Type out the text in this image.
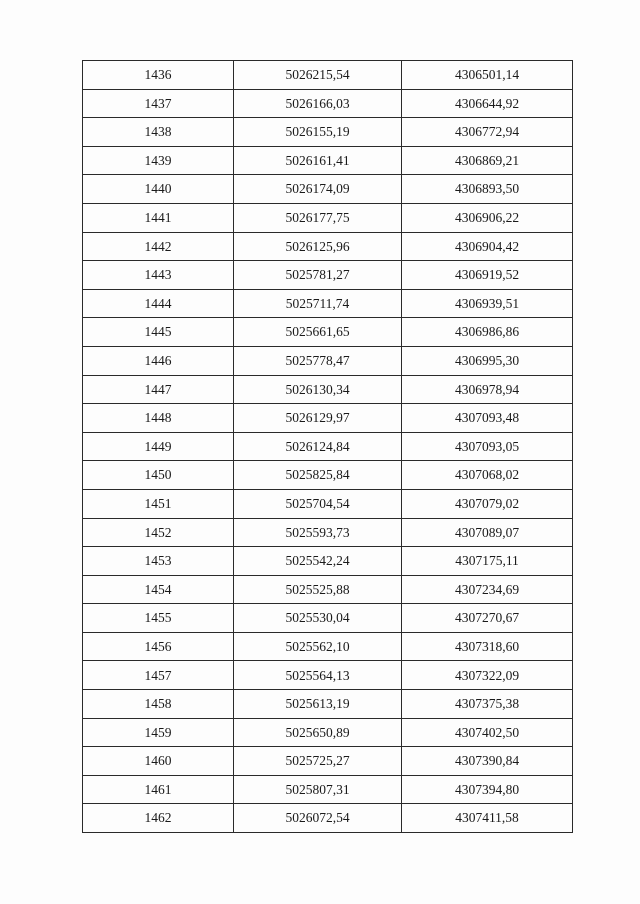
1436	5026215,54	4306501,14
1437	5026166,03	4306644,92
1438	5026155,19	4306772,94
1439	5026161,41	4306869,21
1440	5026174,09	4306893,50
1441	5026177,75	4306906,22
1442	5026125,96	4306904,42
1443	5025781,27	4306919,52
1444	5025711,74	4306939,51
1445	5025661,65	4306986,86
1446	5025778,47	4306995,30
1447	5026130,34	4306978,94
1448	5026129,97	4307093,48
1449	5026124,84	4307093,05
1450	5025825,84	4307068,02
1451	5025704,54	4307079,02
1452	5025593,73	4307089,07
1453	5025542,24	4307175,11
1454	5025525,88	4307234,69
1455	5025530,04	4307270,67
1456	5025562,10	4307318,60
1457	5025564,13	4307322,09
1458	5025613,19	4307375,38
1459	5025650,89	4307402,50
1460	5025725,27	4307390,84
1461	5025807,31	4307394,80
1462	5026072,54	4307411,58
